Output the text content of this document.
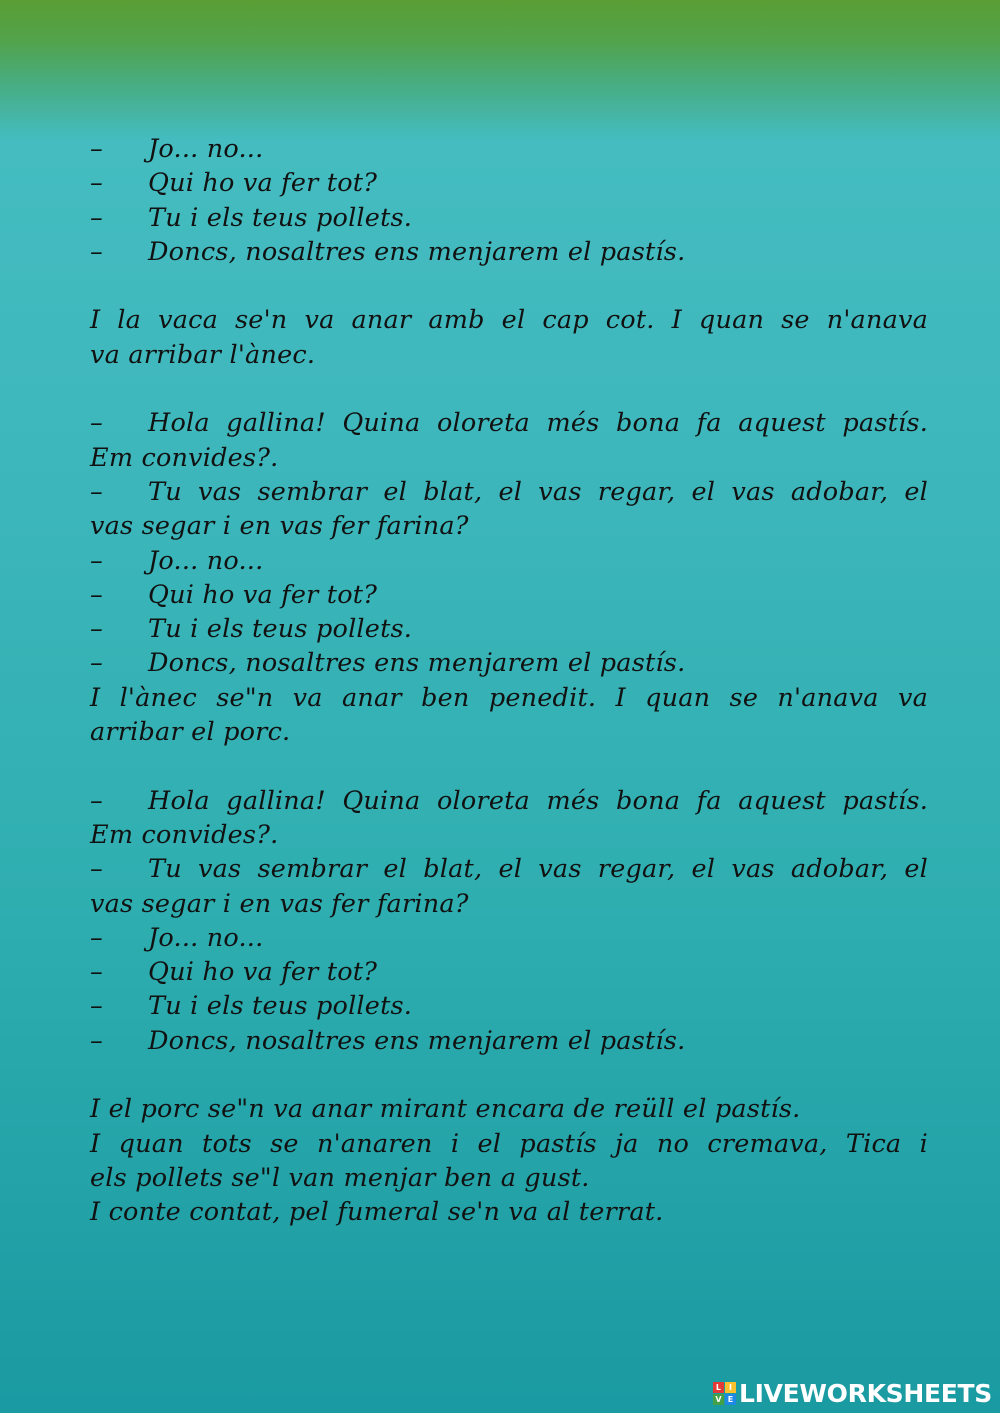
– Jo... no...
– Qui ho va fer tot?
– Tu i els teus pollets.
– Doncs, nosaltres ens menjarem el pastís.
I la vaca se'n va anar amb el cap cot. I quan se n'anava
va arribar l'ànec.
– Hola gallina! Quina oloreta més bona fa aquest pastís.
Em convides?.
– Tu vas sembrar el blat, el vas regar, el vas adobar, el
vas segar i en vas fer farina?
– Jo... no...
– Qui ho va fer tot?
– Tu i els teus pollets.
– Doncs, nosaltres ens menjarem el pastís.
I l'ànec se"n va anar ben penedit. I quan se n'anava va
arribar el porc.
– Hola gallina! Quina oloreta més bona fa aquest pastís.
Em convides?.
– Tu vas sembrar el blat, el vas regar, el vas adobar, el
vas segar i en vas fer farina?
– Jo... no...
– Qui ho va fer tot?
– Tu i els teus pollets.
– Doncs, nosaltres ens menjarem el pastís.
I el porc se"n va anar mirant encara de reüll el pastís.
I quan tots se n'anaren i el pastís ja no cremava, Tica i
els pollets se"l van menjar ben a gust.
I conte contat, pel fumeral se'n va al terrat.
L I
V E LIVEWORKSHEETS
